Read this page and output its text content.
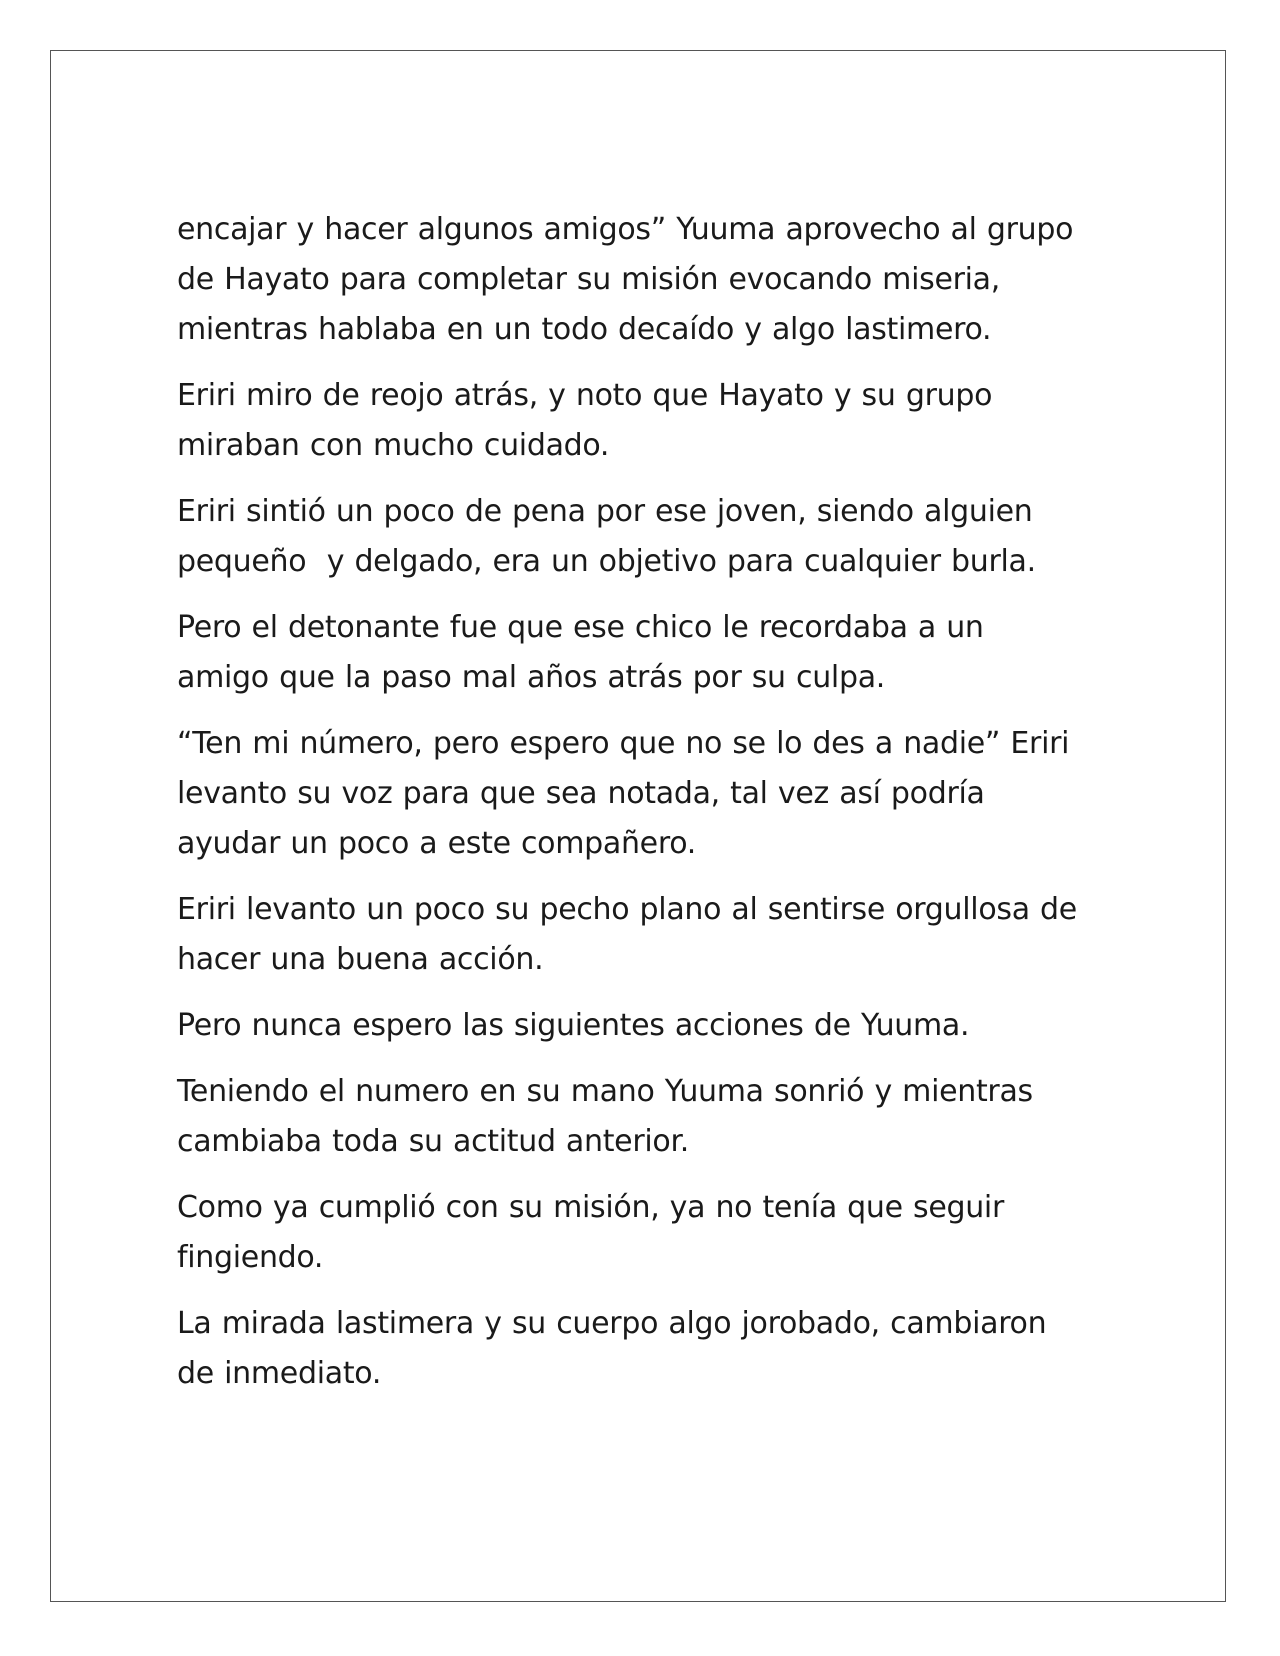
encajar y hacer algunos amigos” Yuuma aprovecho al grupo
de Hayato para completar su misión evocando miseria,
mientras hablaba en un todo decaído y algo lastimero.

Eriri miro de reojo atrás, y noto que Hayato y su grupo
miraban con mucho cuidado.

Eriri sintió un poco de pena por ese joven, siendo alguien
pequeño  y delgado, era un objetivo para cualquier burla.

Pero el detonante fue que ese chico le recordaba a un
amigo que la paso mal años atrás por su culpa.

“Ten mi número, pero espero que no se lo des a nadie” Eriri
levanto su voz para que sea notada, tal vez así podría
ayudar un poco a este compañero.

Eriri levanto un poco su pecho plano al sentirse orgullosa de
hacer una buena acción.

Pero nunca espero las siguientes acciones de Yuuma.

Teniendo el numero en su mano Yuuma sonrió y mientras
cambiaba toda su actitud anterior.

Como ya cumplió con su misión, ya no tenía que seguir
fingiendo.

La mirada lastimera y su cuerpo algo jorobado, cambiaron
de inmediato.
